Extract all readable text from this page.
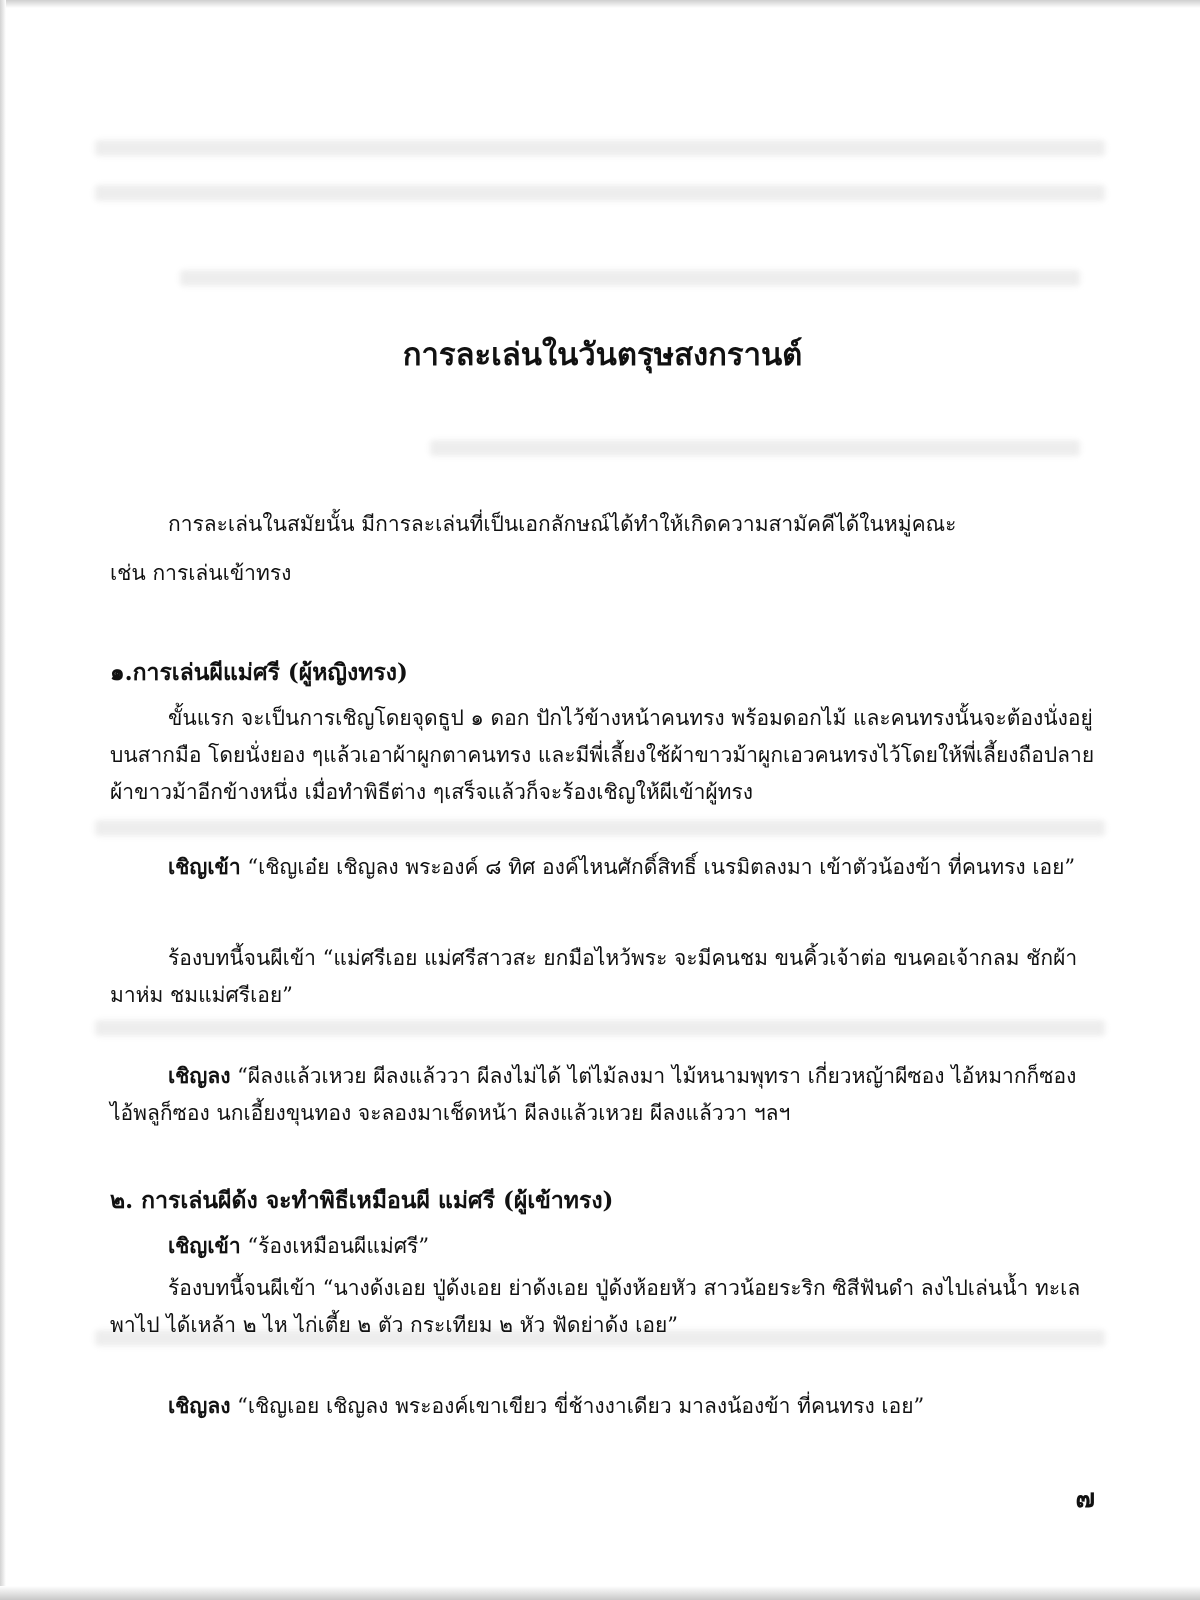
การละเล่นในวันตรุษสงกรานต์
การละเล่นในสมัยนั้น มีการละเล่นที่เป็นเอกลักษณ์ได้ทำให้เกิดความสามัคคีได้ในหมู่คณะ
เช่น การเล่นเข้าทรง
๑.การเล่นผีแม่ศรี (ผู้หญิงทรง)
ขั้นแรก จะเป็นการเชิญโดยจุดธูป ๑ ดอก ปักไว้ข้างหน้าคนทรง พร้อมดอกไม้ และคนทรงนั้นจะต้องนั่งอยู่บนสากมือ โดยนั่งยอง ๆแล้วเอาผ้าผูกตาคนทรง และมีพี่เลี้ยงใช้ผ้าขาวม้าผูกเอวคนทรงไว้โดยให้พี่เลี้ยงถือปลายผ้าขาวม้าอีกข้างหนึ่ง เมื่อทำพิธีต่าง ๆเสร็จแล้วก็จะร้องเชิญให้ผีเข้าผู้ทรง
เชิญเข้า “เชิญเอ๋ย เชิญลง พระองค์ ๘ ทิศ องค์ไหนศักดิ์สิทธิ์ เนรมิตลงมา เข้าตัวน้องข้า ที่คนทรง เอย”
ร้องบทนี้จนผีเข้า “แม่ศรีเอย แม่ศรีสาวสะ ยกมือไหว้พระ จะมีคนชม ขนคิ้วเจ้าต่อ ขนคอเจ้ากลม ชักผ้ามาห่ม ชมแม่ศรีเอย”
เชิญลง “ผีลงแล้วเหวย ผีลงแล้ววา ผีลงไม่ได้ ไต่ไม้ลงมา ไม้หนามพุทรา เกี่ยวหญ้าผีซอง ไอ้หมากก็ซอง ไอ้พลูก็ซอง นกเอี้ยงขุนทอง จะลองมาเช็ดหน้า ผีลงแล้วเหวย ผีลงแล้ววา ฯลฯ
๒. การเล่นผีด้ง จะทำพิธีเหมือนผี แม่ศรี (ผู้เข้าทรง)
เชิญเข้า “ร้องเหมือนผีแม่ศรี”
ร้องบทนี้จนผีเข้า “นางด้งเอย ปู่ด้งเอย ย่าด้งเอย ปู่ด้งห้อยหัว สาวน้อยระริก ซิสีฟันดำ ลงไปเล่นน้ำ ทะเลพาไป ได้เหล้า ๒ ไห ไก่เตี้ย ๒ ตัว กระเทียม ๒ หัว ฟัดย่าด้ง เอย”
เชิญลง “เชิญเอย เชิญลง พระองค์เขาเขียว ขี่ช้างงาเดียว มาลงน้องข้า ที่คนทรง เอย”
๗
